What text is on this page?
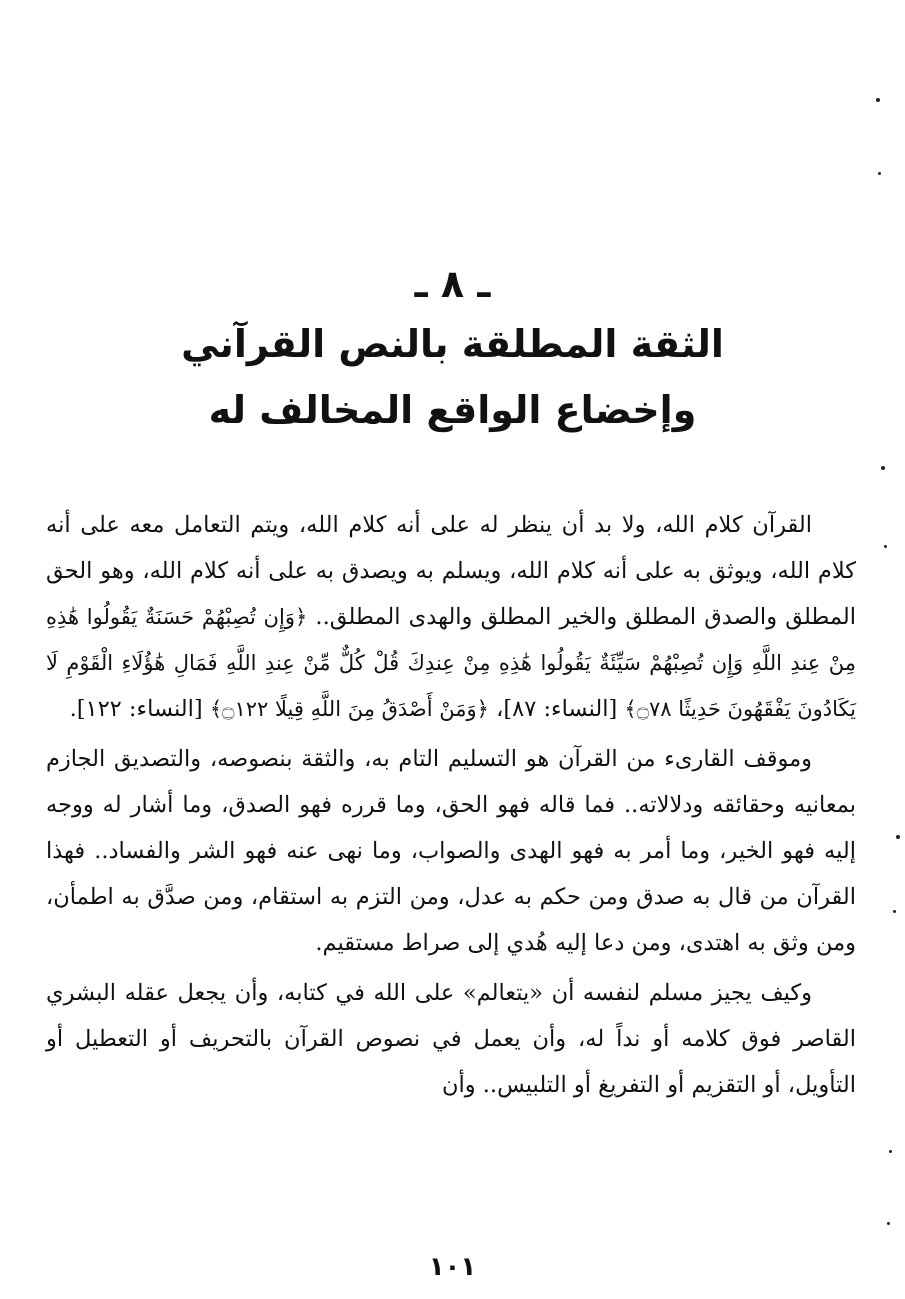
ـ ٨ ـ
الثقة المطلقة بالنص القرآني
وإخضاع الواقع المخالف له

القرآن كلام الله، ولا بد أن ينظر له على أنه كلام الله، ويتم التعامل معه على أنه كلام الله، ويوثق به على أنه كلام الله، ويسلم به ويصدق به على أنه كلام الله، وهو الحق المطلق والصدق المطلق والخير المطلق والهدى المطلق.. ﴿وَإِن تُصِبْهُمْ حَسَنَةٌ يَقُولُوا هَٰذِهِ مِنْ عِندِ اللَّهِ وَإِن تُصِبْهُمْ سَيِّئَةٌ يَقُولُوا هَٰذِهِ مِنْ عِندِكَ قُلْ كُلٌّ مِّنْ عِندِ اللَّهِ فَمَالِ هَٰؤُلَاءِ الْقَوْمِ لَا يَكَادُونَ يَفْقَهُونَ حَدِيثًا ۝٧٨﴾ [النساء: ٨٧]، ﴿وَمَنْ أَصْدَقُ مِنَ اللَّهِ قِيلًا ۝١٢٢﴾ [النساء: ١٢٢].

وموقف القارىء من القرآن هو التسليم التام به، والثقة بنصوصه، والتصديق الجازم بمعانيه وحقائقه ودلالاته.. فما قاله فهو الحق، وما قرره فهو الصدق، وما أشار له ووجه إليه فهو الخير، وما أمر به فهو الهدى والصواب، وما نهى عنه فهو الشر والفساد.. فهذا القرآن من قال به صدق ومن حكم به عدل، ومن التزم به استقام، ومن صدَّق به اطمأن، ومن وثق به اهتدى، ومن دعا إليه هُدي إلى صراط مستقيم.

وكيف يجيز مسلم لنفسه أن «يتعالم» على الله في كتابه، وأن يجعل عقله البشري القاصر فوق كلامه أو نداً له، وأن يعمل في نصوص القرآن بالتحريف أو التعطيل أو التأويل، أو التقزيم أو التفريغ أو التلبيس.. وأن

١٠١
